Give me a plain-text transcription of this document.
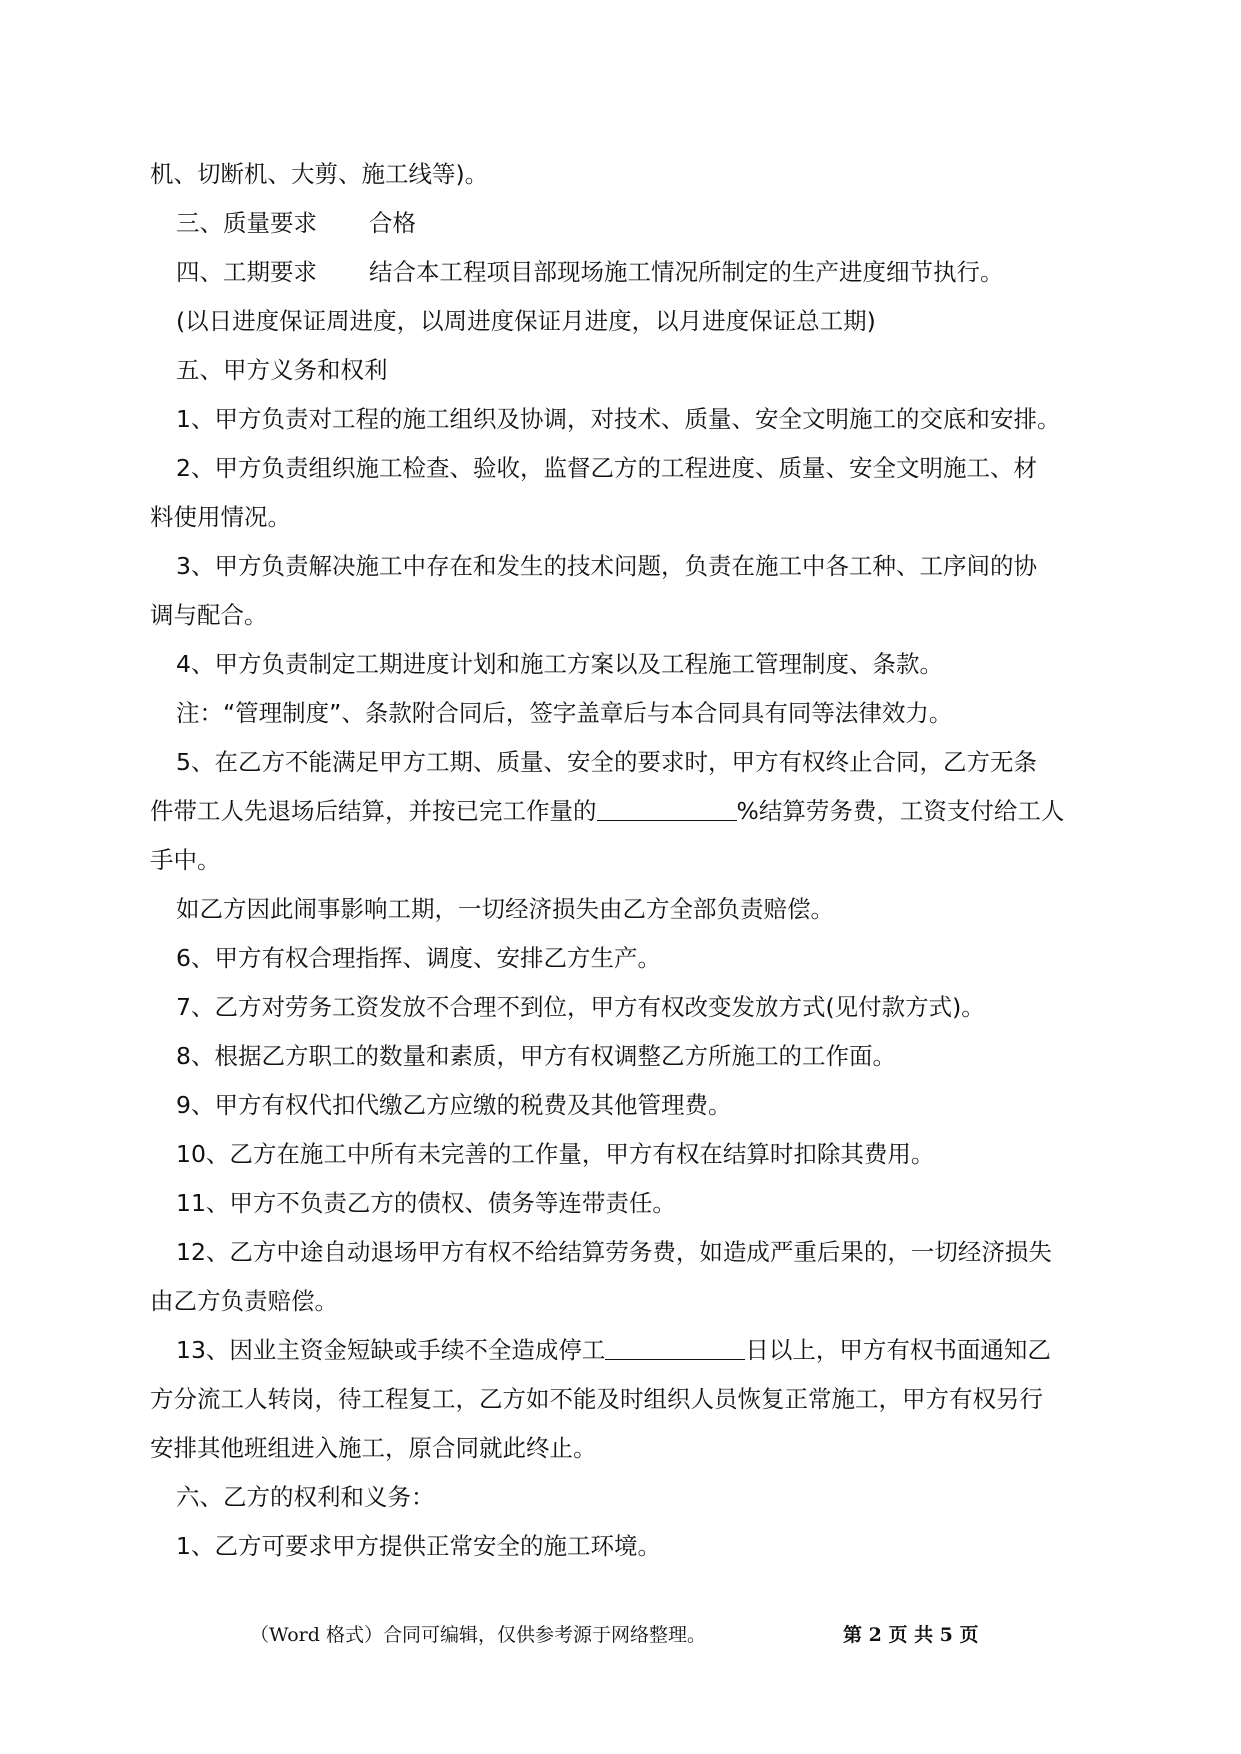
机、切断机、大剪、施工线等)。

三、质量要求 合格

四、工期要求 结合本工程项目部现场施工情况所制定的生产进度细节执行。

(以日进度保证周进度，以周进度保证月进度，以月进度保证总工期)

五、甲方义务和权利

1、甲方负责对工程的施工组织及协调，对技术、质量、安全文明施工的交底和安排。

2、甲方负责组织施工检查、验收，监督乙方的工程进度、质量、安全文明施工、材

料使用情况。

3、甲方负责解决施工中存在和发生的技术问题，负责在施工中各工种、工序间的协

调与配合。

4、甲方负责制定工期进度计划和施工方案以及工程施工管理制度、条款。

注：“管理制度”、条款附合同后，签字盖章后与本合同具有同等法律效力。

5、在乙方不能满足甲方工期、质量、安全的要求时，甲方有权终止合同，乙方无条

件带工人先退场后结算，并按已完工作量的	%结算劳务费，工资支付给工人

手中。

如乙方因此闹事影响工期，一切经济损失由乙方全部负责赔偿。

6、甲方有权合理指挥、调度、安排乙方生产。

7、乙方对劳务工资发放不合理不到位，甲方有权改变发放方式(见付款方式)。

8、根据乙方职工的数量和素质，甲方有权调整乙方所施工的工作面。

9、甲方有权代扣代缴乙方应缴的税费及其他管理费。

10、乙方在施工中所有未完善的工作量，甲方有权在结算时扣除其费用。

11、甲方不负责乙方的债权、债务等连带责任。

12、乙方中途自动退场甲方有权不给结算劳务费，如造成严重后果的，一切经济损失

由乙方负责赔偿。

13、因业主资金短缺或手续不全造成停工	日以上，甲方有权书面通知乙

方分流工人转岗，待工程复工，乙方如不能及时组织人员恢复正常施工，甲方有权另行

安排其他班组进入施工，原合同就此终止。

六、乙方的权利和义务：

1、乙方可要求甲方提供正常安全的施工环境。

（Word 格式）合同可编辑，仅供参考源于网络整理。	第 2 页 共 5 页
